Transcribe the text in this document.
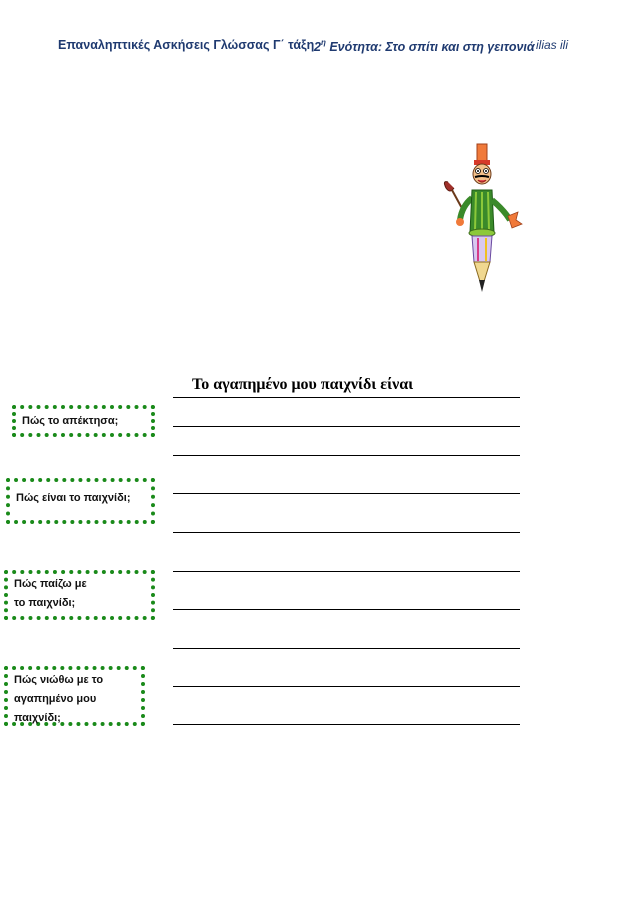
Επαναληπτικές Ασκήσεις Γλώσσας Γ΄ τάξη $2^\eta$ Ενότητα: Στο σπίτι και στη γειτονιά ilias ili
Το αγαπημένο μου παιχνίδι είναι
Πώς το απέκτησα;
Πώς είναι το παιχνίδι;
Πώς παίζω με το παιχνίδι;
Πώς νιώθω με το αγαπημένο μου παιχνίδι;
